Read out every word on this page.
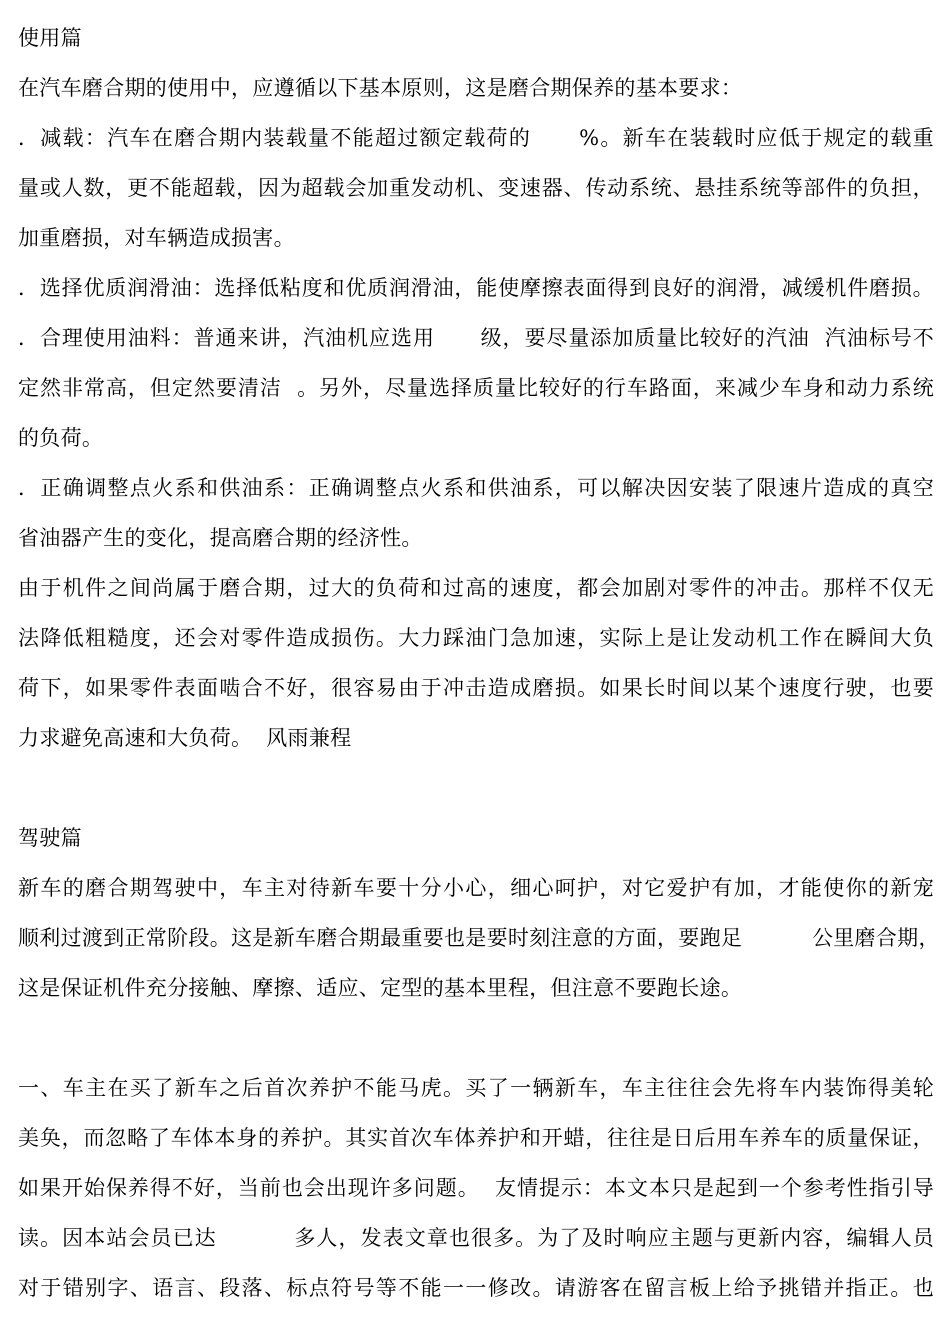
使用篇
在汽车磨合期的使用中，应遵循以下基本原则，这是磨合期保养的基本要求：
．减载：汽车在磨合期内装载量不能超过额定载荷的      %。新车在装载时应低于规定的载重
量或人数，更不能超载，因为超载会加重发动机、变速器、传动系统、悬挂系统等部件的负担，
加重磨损，对车辆造成损害。
．选择优质润滑油：选择低粘度和优质润滑油，能使摩擦表面得到良好的润滑，减缓机件磨损。
．合理使用油料：普通来讲，汽油机应选用      级，要尽量添加质量比较好的汽油  汽油标号不
定然非常高，但定然要清洁  。另外，尽量选择质量比较好的行车路面，来减少车身和动力系统
的负荷。
．正确调整点火系和供油系：正确调整点火系和供油系，可以解决因安装了限速片造成的真空
省油器产生的变化，提高磨合期的经济性。
由于机件之间尚属于磨合期，过大的负荷和过高的速度，都会加剧对零件的冲击。那样不仅无
法降低粗糙度，还会对零件造成损伤。大力踩油门急加速，实际上是让发动机工作在瞬间大负
荷下，如果零件表面啮合不好，很容易由于冲击造成磨损。如果长时间以某个速度行驶，也要
力求避免高速和大负荷。  风雨兼程
驾驶篇
新车的磨合期驾驶中，车主对待新车要十分小心，细心呵护，对它爱护有加，才能使你的新宠
顺利过渡到正常阶段。这是新车磨合期最重要也是要时刻注意的方面，要跑足          公里磨合期，
这是保证机件充分接触、摩擦、适应、定型的基本里程，但注意不要跑长途。
一、车主在买了新车之后首次养护不能马虎。买了一辆新车，车主往往会先将车内装饰得美轮
美奂，而忽略了车体本身的养护。其实首次车体养护和开蜡，往往是日后用车养车的质量保证，
如果开始保养得不好，当前也会出现许多问题。  友情提示：本文本只是起到一个参考性指引导
读。因本站会员已达          多人，发表文章也很多。为了及时响应主题与更新内容，编辑人员
对于错别字、语言、段落、标点符号等不能一一修改。请游客在留言板上给予挑错并指正。也
